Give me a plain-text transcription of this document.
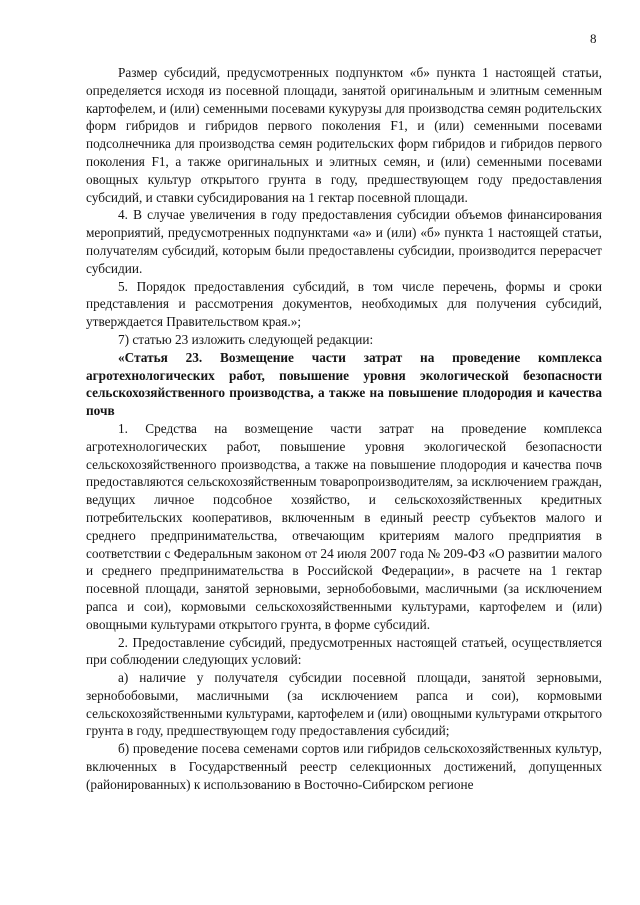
8

Размер субсидий, предусмотренных подпунктом «б» пункта 1 настоящей статьи, определяется исходя из посевной площади, занятой оригинальным и элитным семенным картофелем, и (или) семенными посевами кукурузы для производства семян родительских форм гибридов и гибридов первого поколения F1, и (или) семенными посевами подсолнечника для производства семян родительских форм гибридов и гибридов первого поколения F1, а также оригинальных и элитных семян, и (или) семенными посевами овощных культур открытого грунта в году, предшествующем году предоставления субсидий, и ставки субсидирования на 1 гектар посевной площади.

4. В случае увеличения в году предоставления субсидии объемов финансирования мероприятий, предусмотренных подпунктами «а» и (или) «б» пункта 1 настоящей статьи, получателям субсидий, которым были предоставлены субсидии, производится перерасчет субсидии.

5. Порядок предоставления субсидий, в том числе перечень, формы и сроки представления и рассмотрения документов, необходимых для получения субсидий, утверждается Правительством края.»;

7) статью 23 изложить следующей редакции:

«Статья 23. Возмещение части затрат на проведение комплекса агротехнологических работ, повышение уровня экологической безопасности сельскохозяйственного производства, а также на повышение плодородия и качества почв

1. Средства на возмещение части затрат на проведение комплекса агротехнологических работ, повышение уровня экологической безопасности сельскохозяйственного производства, а также на повышение плодородия и качества почв предоставляются сельскохозяйственным товаропроизводителям, за исключением граждан, ведущих личное подсобное хозяйство, и сельскохозяйственных кредитных потребительских кооперативов, включенным в единый реестр субъектов малого и среднего предпринимательства, отвечающим критериям малого предприятия в соответствии с Федеральным законом от 24 июля 2007 года № 209-ФЗ «О развитии малого и среднего предпринимательства в Российской Федерации», в расчете на 1 гектар посевной площади, занятой зерновыми, зернобобовыми, масличными (за исключением рапса и сои), кормовыми сельскохозяйственными культурами, картофелем и (или) овощными культурами открытого грунта, в форме субсидий.

2. Предоставление субсидий, предусмотренных настоящей статьей, осуществляется при соблюдении следующих условий:

а) наличие у получателя субсидии посевной площади, занятой зерновыми, зернобобовыми, масличными (за исключением рапса и сои), кормовыми сельскохозяйственными культурами, картофелем и (или) овощными культурами открытого грунта в году, предшествующем году предоставления субсидий;

б) проведение посева семенами сортов или гибридов сельскохозяйственных культур, включенных в Государственный реестр селекционных достижений, допущенных (районированных) к использованию в Восточно-Сибирском регионе
